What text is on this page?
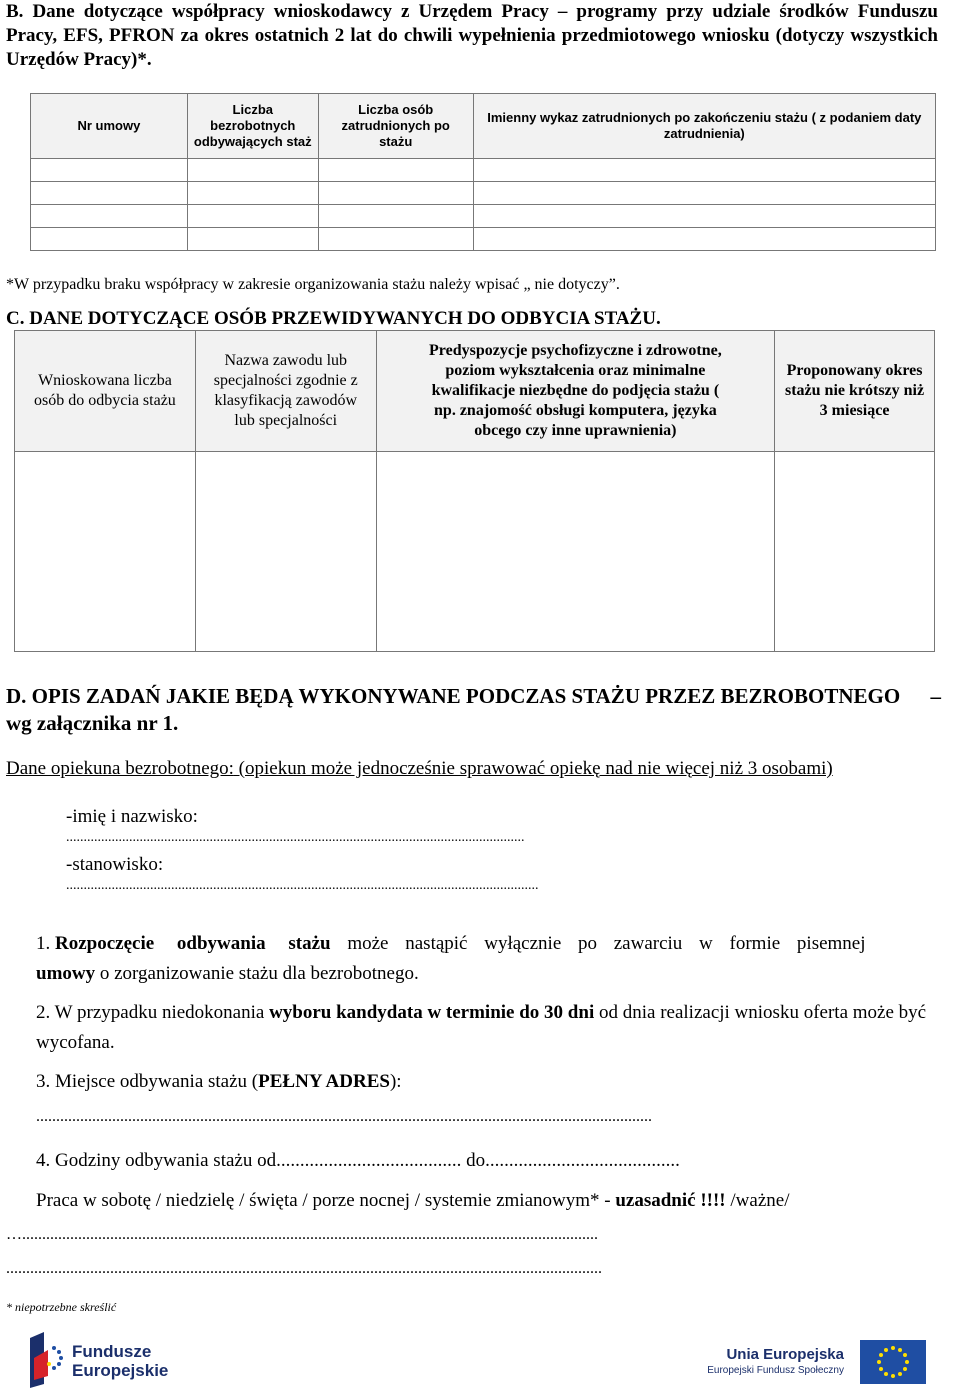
B. Dane dotyczące współpracy wnioskodawcy z Urzędem Pracy – programy przy udziale środków Funduszu Pracy, EFS, PFRON za okres ostatnich 2 lat do chwili wypełnienia przedmiotowego wniosku (dotyczy wszystkich Urzędów Pracy)*.
Nr umowy	Liczba bezrobotnych odbywających staż	Liczba osób zatrudnionych po stażu	Imienny wykaz zatrudnionych po zakończeniu stażu ( z podaniem daty zatrudnienia)

*W przypadku braku współpracy w zakresie organizowania stażu należy wpisać „ nie dotyczy”.
C. DANE DOTYCZĄCE OSÓB PRZEWIDYWANYCH DO ODBYCIA STAŻU.
Wnioskowana liczba osób do odbycia stażu	Nazwa zawodu lub specjalności zgodnie z klasyfikacją zawodów lub specjalności	Predyspozycje psychofizyczne i zdrowotne, poziom wykształcenia oraz minimalne kwalifikacje niezbędne do podjęcia stażu ( np. znajomość obsługi komputera, języka obcego czy inne uprawnienia)	Proponowany okres stażu nie krótszy niż 3 miesiące

D. OPIS ZADAŃ JAKIE BĘDĄ WYKONYWANE PODCZAS STAŻU PRZEZ BEZROBOTNEGO –

wg załącznika nr 1.
Dane opiekuna bezrobotnego: (opiekun może jednocześnie sprawować opiekę nad nie więcej niż 3 osobami)
-imię i nazwisko:
...................................................................................................................................
-stanowisko:
.......................................................................................................................................
1. Rozpoczęcie odbywania stażu może nastąpić wyłącznie po zawarciu w formie pisemnej
umowy o zorganizowanie stażu dla bezrobotnego.
2. W przypadku niedokonania wyboru kandydata w terminie do 30 dni od dnia realizacji wniosku oferta może być wycofana.
3. Miejsce odbywania stażu (PEŁNY ADRES):
..........................................................................................................................................................
4. Godziny odbywania stażu od....................................... do.........................................
Praca w sobotę / niedzielę / święta / porze nocnej / systemie zmianowym* - uzasadnić !!!! /ważne/
…................................................................................................................................................
.....................................................................................................................................................
* niepotrzebne skreślić
Fundusze
Europejskie
Unia Europejska
Europejski Fundusz Społeczny
